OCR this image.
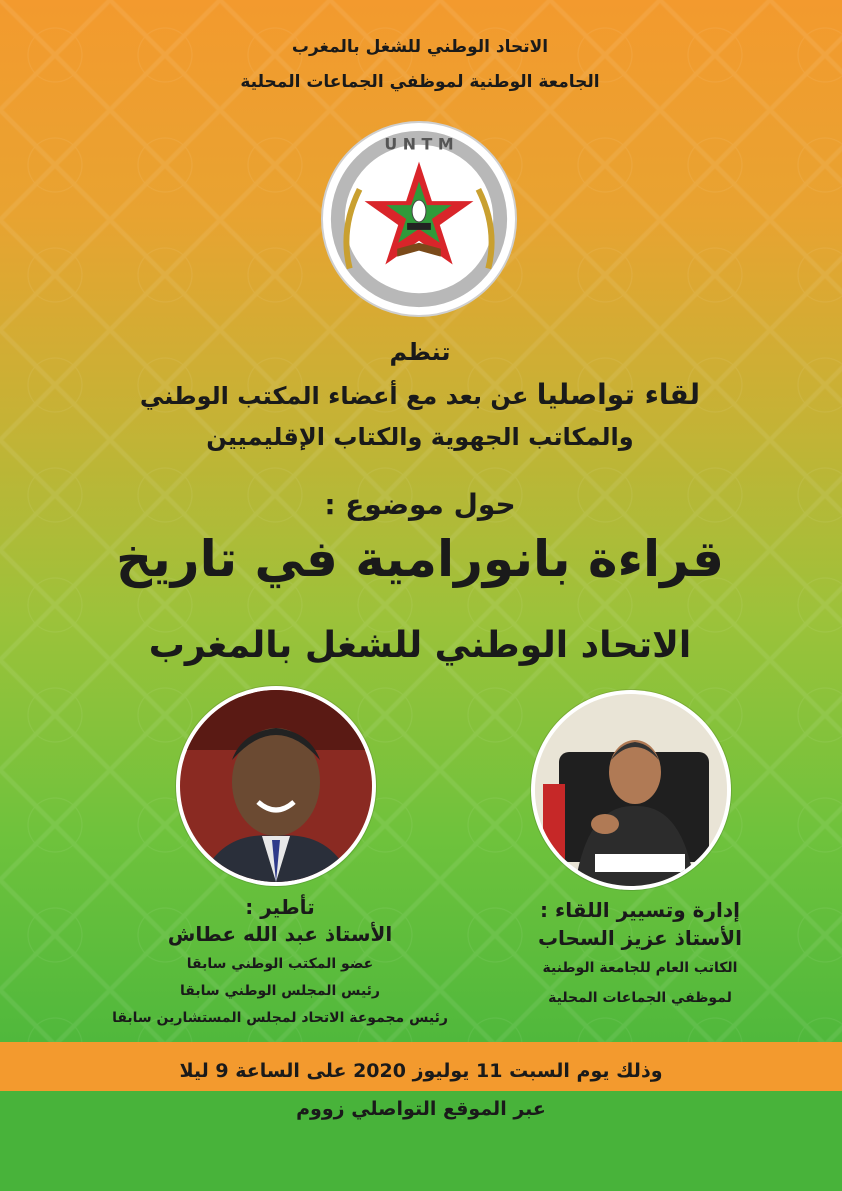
الاتحاد الوطني للشغل بالمغرب
الجامعة الوطنية لموظفي الجماعات المحلية
U N T M
تنظم
لقاء تواصليا عن بعد مع أعضاء المكتب الوطني
والمكاتب الجهوية والكتاب الإقليميين
حول موضوع :
قراءة بانورامية في تاريخ
الاتحاد الوطني للشغل بالمغرب
تأطير :
الأستاذ عبد الله عطاش
عضو المكتب الوطني سابقا
رئيس المجلس الوطني سابقا
رئيس مجموعة الاتحاد لمجلس المستشارين سابقا
إدارة وتسيير اللقاء :
الأستاذ عزيز السحاب
الكاتب العام للجامعة الوطنية
لموظفي الجماعات المحلية
وذلك يوم السبت 11 يوليوز 2020 على الساعة 9 ليلا
عبر الموقع التواصلي زووم
